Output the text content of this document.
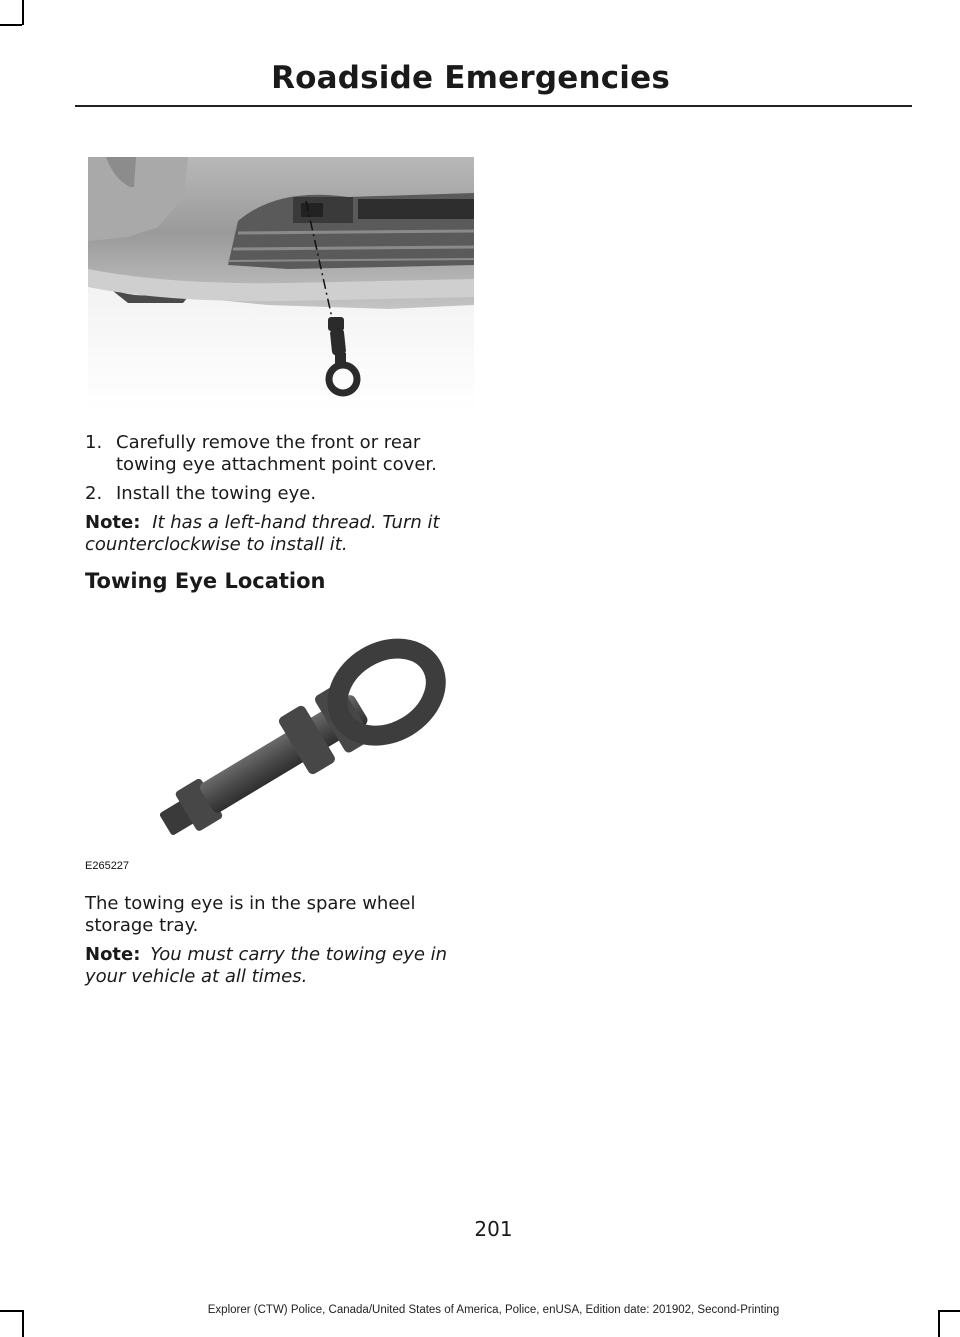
Roadside Emergencies
1. Carefully remove the front or rear towing eye attachment point cover.
2. Install the towing eye.
Note: It has a left-hand thread. Turn it counterclockwise to install it.
Towing Eye Location
E265227
The towing eye is in the spare wheel storage tray.
Note: You must carry the towing eye in your vehicle at all times.
201
Explorer (CTW) Police, Canada/United States of America, Police, enUSA, Edition date: 201902, Second-Printing
